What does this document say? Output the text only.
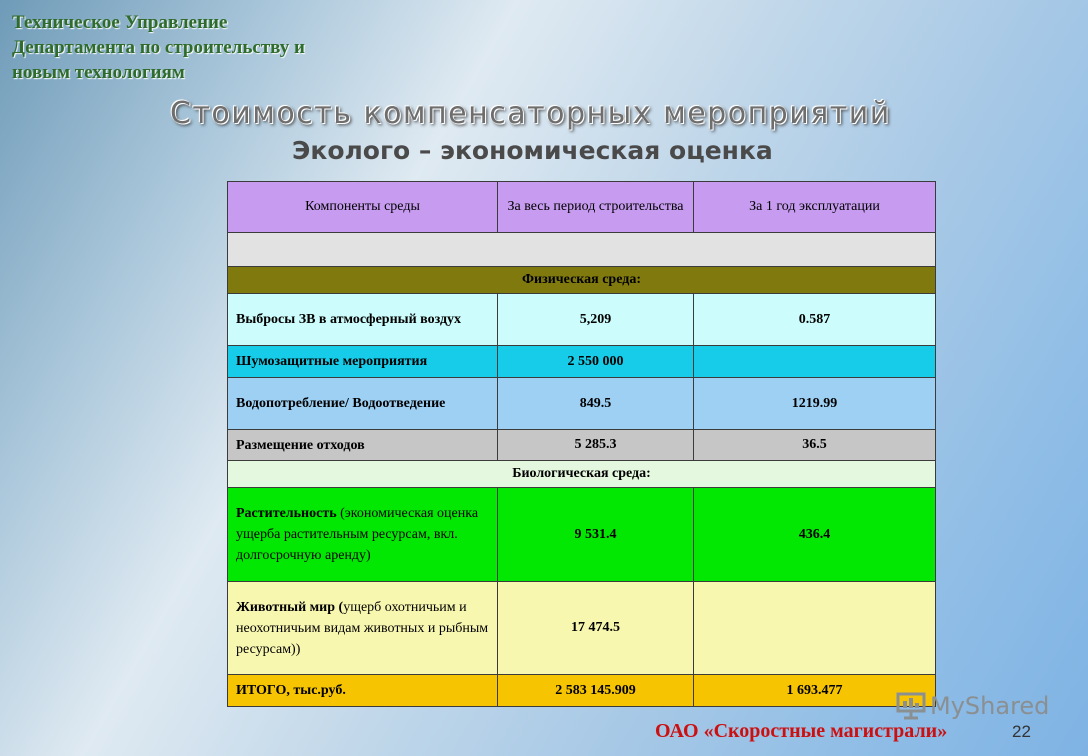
Техническое Управление
Департамента по строительству и
новым технологиям
Стоимость компенсаторных мероприятий
Эколого – экономическая оценка
Компоненты среды	За весь период строительства	За 1 год эксплуатации

Физическая среда:		
Выбросы ЗВ в атмосферный воздух	5,209	0.587
Шумозащитные мероприятия	2 550 000	
Водопотребление/ Водоотведение	849.5	1219.99
Размещение отходов	5 285.3	36.5
Биологическая среда:		
Растительность (экономическая оценка ущерба растительным ресурсам, вкл. долгосрочную аренду)	9 531.4	436.4
Животный мир (ущерб охотничьим и неохотничьим видам животных и рыбным ресурсам))	17 474.5	
ИТОГО, тыс.руб.	2 583 145.909	1 693.477
MyShared
ОАО «Скоростные магистрали»	22
